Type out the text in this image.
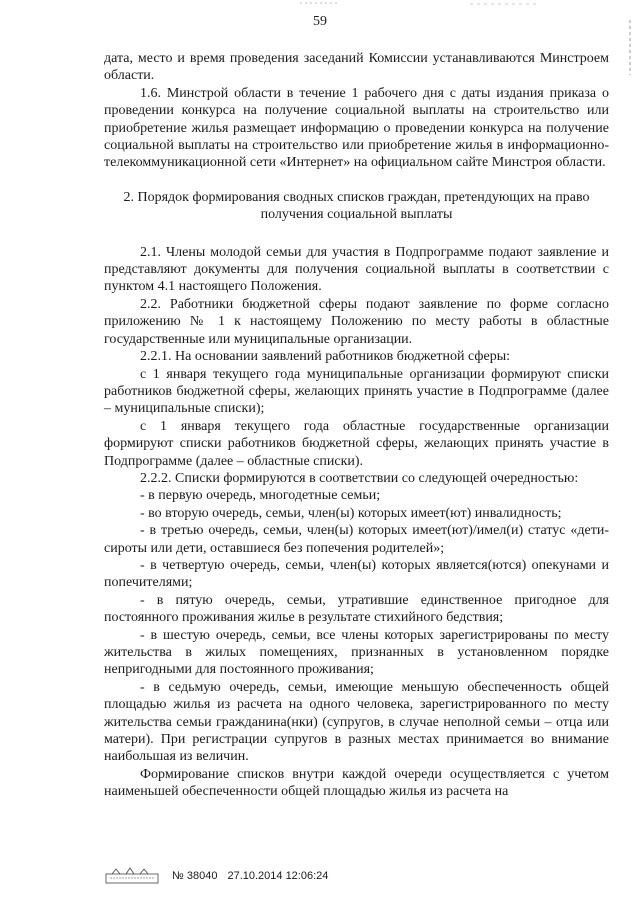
59

дата, место и время проведения заседаний Комиссии устанавливаются Минстроем области.

1.6. Минстрой области в течение 1 рабочего дня с даты издания приказа о проведении конкурса на получение социальной выплаты на строительство или приобретение жилья размещает информацию о проведении конкурса на получение социальной выплаты на строительство или приобретение жилья в информационно-телекоммуникационной сети «Интернет» на официальном сайте Минстроя области.

2. Порядок формирования сводных списков граждан, претендующих на право получения социальной выплаты

2.1. Члены молодой семьи для участия в Подпрограмме подают заявление и представляют документы для получения социальной выплаты в соответствии с пунктом 4.1 настоящего Положения.

2.2. Работники бюджетной сферы подают заявление по форме согласно приложению № 1 к настоящему Положению по месту работы в областные государственные или муниципальные организации.

2.2.1. На основании заявлений работников бюджетной сферы:

с 1 января текущего года муниципальные организации формируют списки работников бюджетной сферы, желающих принять участие в Подпрограмме (далее – муниципальные списки);

с 1 января текущего года областные государственные организации формируют списки работников бюджетной сферы, желающих принять участие в Подпрограмме (далее – областные списки).

2.2.2. Списки формируются в соответствии со следующей очередностью:

- в первую очередь, многодетные семьи;

- во вторую очередь, семьи, член(ы) которых имеет(ют) инвалидность;

- в третью очередь, семьи, член(ы) которых имеет(ют)/имел(и) статус «дети-сироты или дети, оставшиеся без попечения родителей»;

- в четвертую очередь, семьи, член(ы) которых является(ются) опекунами и попечителями;

- в пятую очередь, семьи, утратившие единственное пригодное для постоянного проживания жилье в результате стихийного бедствия;

- в шестую очередь, семьи, все члены которых зарегистрированы по месту жительства в жилых помещениях, признанных в установленном порядке непригодными для постоянного проживания;

- в седьмую очередь, семьи, имеющие меньшую обеспеченность общей площадью жилья из расчета на одного человека, зарегистрированного по месту жительства семьи гражданина(нки) (супругов, в случае неполной семьи – отца или матери). При регистрации супругов в разных местах принимается во внимание наибольшая из величин.

Формирование списков внутри каждой очереди осуществляется с учетом наименьшей обеспеченности общей площадью жилья из расчета на

№ 38040 27.10.2014 12:06:24
